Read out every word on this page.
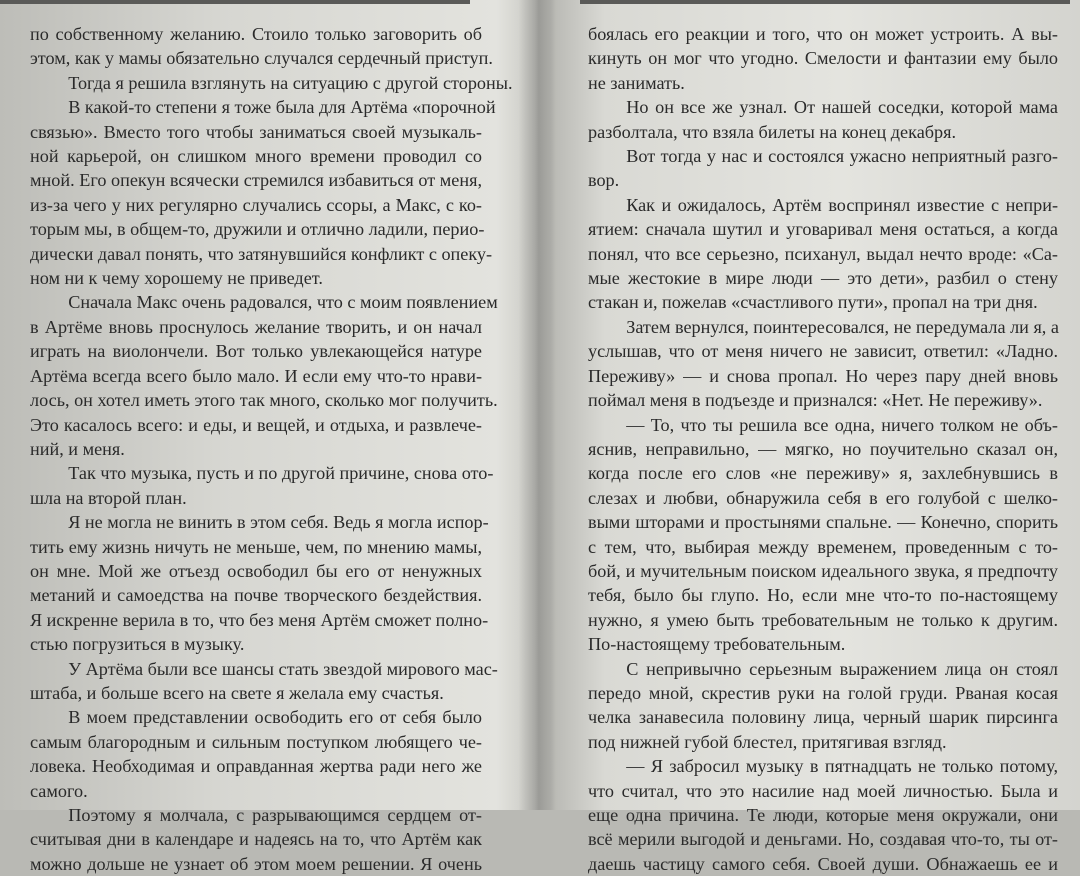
по собственному желанию. Стоило только заговорить об
этом, как у мамы обязательно случался сердечный приступ.
Тогда я решила взглянуть на ситуацию с другой стороны.
В какой-то степени я тоже была для Артёма «порочной
связью». Вместо того чтобы заниматься своей музыкаль-
ной карьерой, он слишком много времени проводил со
мной. Его опекун всячески стремился избавиться от меня,
из-за чего у них регулярно случались ссоры, а Макс, с ко-
торым мы, в общем-то, дружили и отлично ладили, перио-
дически давал понять, что затянувшийся конфликт с опеку-
ном ни к чему хорошему не приведет.
Сначала Макс очень радовался, что с моим появлением
в Артёме вновь проснулось желание творить, и он начал
играть на виолончели. Вот только увлекающейся натуре
Артёма всегда всего было мало. И если ему что-то нрави-
лось, он хотел иметь этого так много, сколько мог получить.
Это касалось всего: и еды, и вещей, и отдыха, и развлече-
ний, и меня.
Так что музыка, пусть и по другой причине, снова ото-
шла на второй план.
Я не могла не винить в этом себя. Ведь я могла испор-
тить ему жизнь ничуть не меньше, чем, по мнению мамы,
он мне. Мой же отъезд освободил бы его от ненужных
метаний и самоедства на почве творческого бездействия.
Я искренне верила в то, что без меня Артём сможет полно-
стью погрузиться в музыку.
У Артёма были все шансы стать звездой мирового мас-
штаба, и больше всего на свете я желала ему счастья.
В моем представлении освободить его от себя было
самым благородным и сильным поступком любящего че-
ловека. Необходимая и оправданная жертва ради него же
самого.
Поэтому я молчала, с разрывающимся сердцем от-
считывая дни в календаре и надеясь на то, что Артём как
можно дольше не узнает об этом моем решении. Я очень
боялась его реакции и того, что он может устроить. А вы-
кинуть он мог что угодно. Смелости и фантазии ему было
не занимать.
Но он все же узнал. От нашей соседки, которой мама
разболтала, что взяла билеты на конец декабря.
Вот тогда у нас и состоялся ужасно неприятный разго-
вор.
Как и ожидалось, Артём воспринял известие с непри-
ятием: сначала шутил и уговаривал меня остаться, а когда
понял, что все серьезно, психанул, выдал нечто вроде: «Са-
мые жестокие в мире люди — это дети», разбил о стену
стакан и, пожелав «счастливого пути», пропал на три дня.
Затем вернулся, поинтересовался, не передумала ли я, а
услышав, что от меня ничего не зависит, ответил: «Ладно.
Переживу» — и снова пропал. Но через пару дней вновь
поймал меня в подъезде и признался: «Нет. Не переживу».
— То, что ты решила все одна, ничего толком не объ-
яснив, неправильно, — мягко, но поучительно сказал он,
когда после его слов «не переживу» я, захлебнувшись в
слезах и любви, обнаружила себя в его голубой с шелко-
выми шторами и простынями спальне. — Конечно, спорить
с тем, что, выбирая между временем, проведенным с то-
бой, и мучительным поиском идеального звука, я предпочту
тебя, было бы глупо. Но, если мне что-то по-настоящему
нужно, я умею быть требовательным не только к другим.
По-настоящему требовательным.
С непривычно серьезным выражением лица он стоял
передо мной, скрестив руки на голой груди. Рваная косая
челка занавесила половину лица, черный шарик пирсинга
под нижней губой блестел, притягивая взгляд.
— Я забросил музыку в пятнадцать не только потому,
что считал, что это насилие над моей личностью. Была и
еще одна причина. Те люди, которые меня окружали, они
всё мерили выгодой и деньгами. Но, создавая что-то, ты от-
даешь частицу самого себя. Своей души. Обнажаешь ее и
